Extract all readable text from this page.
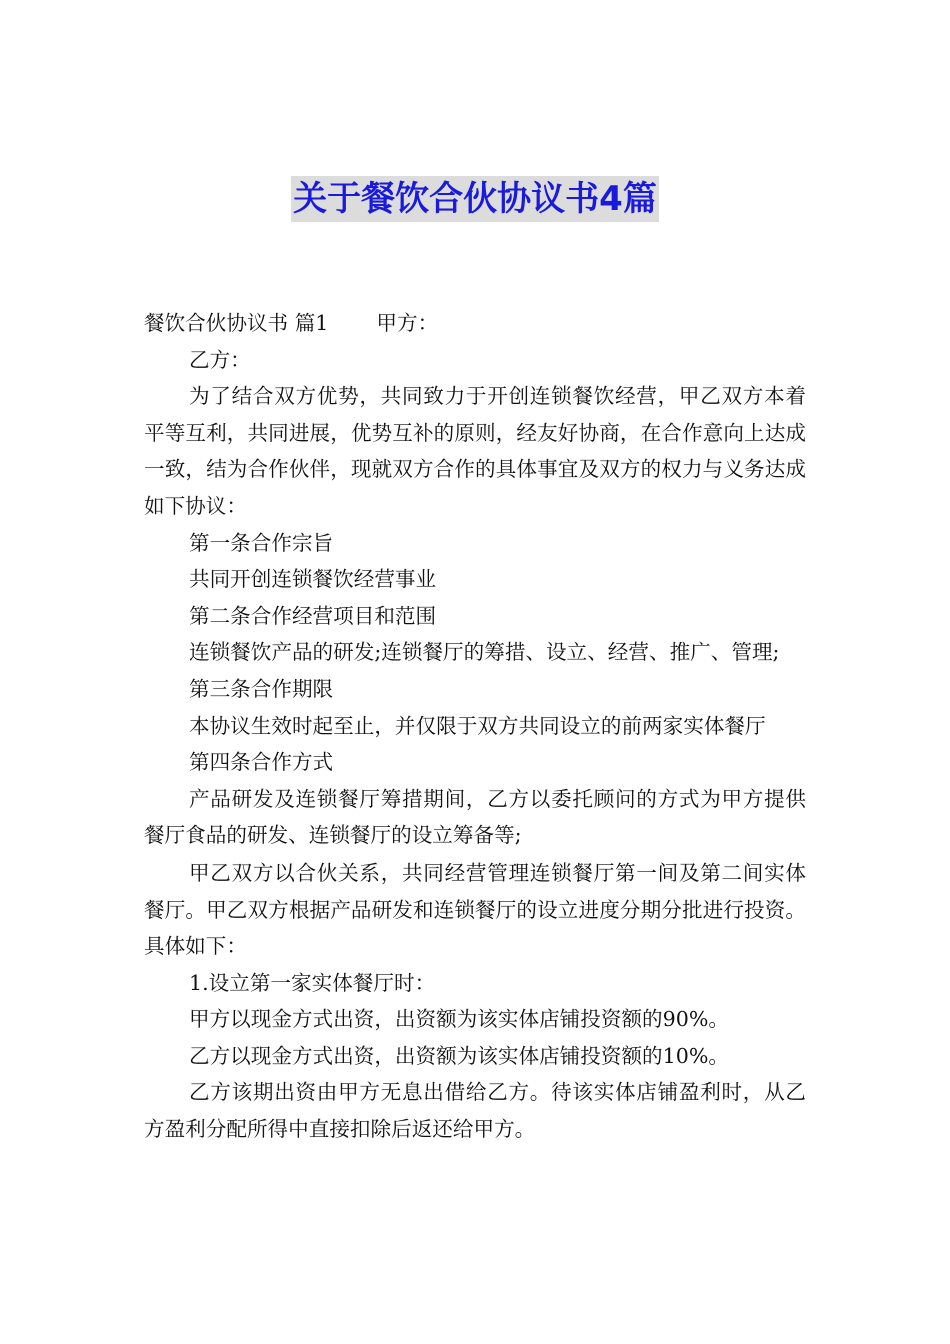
关于餐饮合伙协议书4篇
餐饮合伙协议书 篇1 甲方：

乙方：

为了结合双方优势，共同致力于开创连锁餐饮经营，甲乙双方本着平等互利，共同进展，优势互补的原则，经友好协商，在合作意向上达成一致，结为合作伙伴，现就双方合作的具体事宜及双方的权力与义务达成如下协议：

第一条合作宗旨

共同开创连锁餐饮经营事业

第二条合作经营项目和范围

连锁餐饮产品的研发;连锁餐厅的筹措、设立、经营、推广、管理;

第三条合作期限

本协议生效时起至止，并仅限于双方共同设立的前两家实体餐厅

第四条合作方式

产品研发及连锁餐厅筹措期间，乙方以委托顾问的方式为甲方提供餐厅食品的研发、连锁餐厅的设立筹备等;

甲乙双方以合伙关系，共同经营管理连锁餐厅第一间及第二间实体餐厅。甲乙双方根据产品研发和连锁餐厅的设立进度分期分批进行投资。具体如下：

1.设立第一家实体餐厅时：

甲方以现金方式出资，出资额为该实体店铺投资额的90%。

乙方以现金方式出资，出资额为该实体店铺投资额的10%。

乙方该期出资由甲方无息出借给乙方。待该实体店铺盈利时，从乙方盈利分配所得中直接扣除后返还给甲方。
